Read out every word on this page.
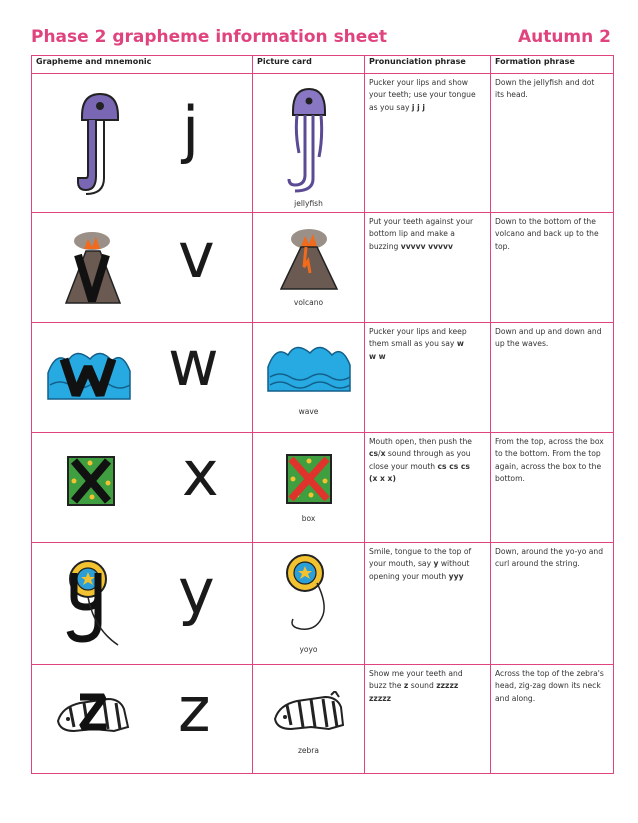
Phase 2 grapheme information sheet	Autumn 2
Grapheme and mnemonic	Picture card	Pronunciation phrase	Formation phrase

j	jellyfish	Pucker your lips and show
your teeth; use your tongue
as you say j j j	Down the jellyfish and dot
its head.

v	volcano	Put your teeth against your
bottom lip and make a
buzzing vvvvv vvvvv	Down to the bottom of the
volcano and back up to the
top.

w	wave	Pucker your lips and keep
them small as you say w
w w	Down and up and down and
up the waves.

x	box	Mouth open, then push the
cs/x sound through as you
close your mouth cs cs cs
(x x x)	From the top, across the box
to the bottom. From the top
again, across the box to the
bottom.

y	yoyo	Smile, tongue to the top of
your mouth, say y without
opening your mouth yyy	Down, around the yo-yo and
curl around the string.

z	zebra	Show me your teeth and
buzz the z sound zzzzz
zzzzz	Across the top of the zebra's
head, zig-zag down its neck
and along.
